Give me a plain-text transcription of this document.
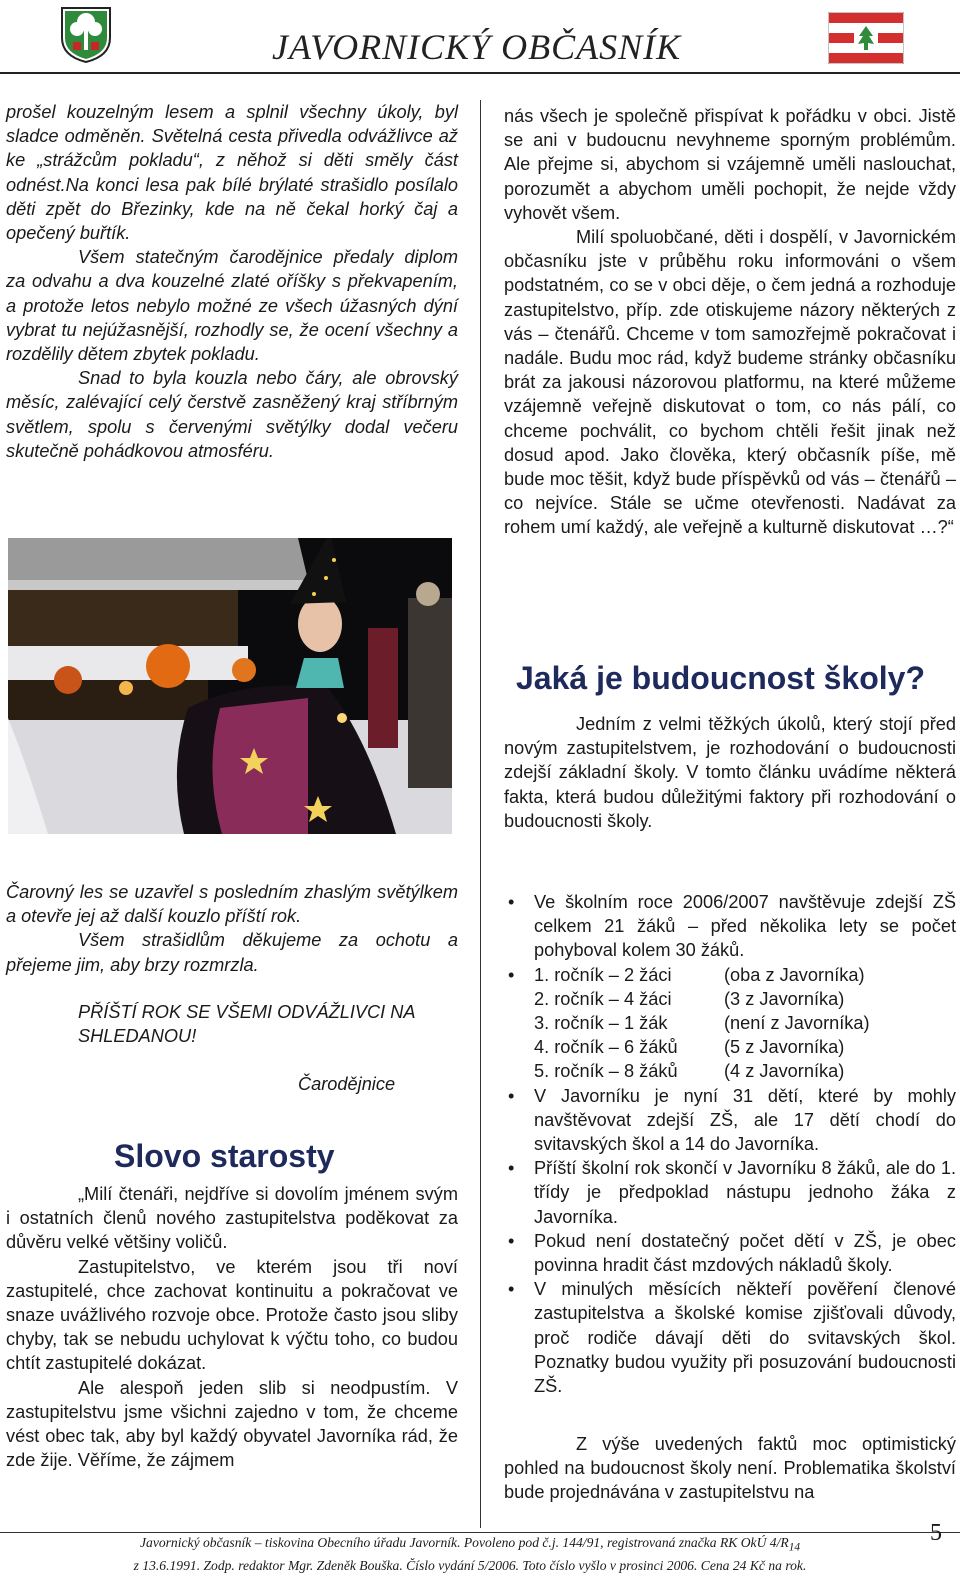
JAVORNICKÝ OBČASNÍK

prošel kouzelným lesem a splnil všechny úkoly, byl sladce odměněn. Světelná cesta přivedla odvážlivce až ke „strážcům pokladu“, z něhož si děti směly část odnést.Na konci lesa pak bílé brýlaté strašidlo posílalo děti zpět do Březinky, kde na ně čekal horký čaj a opečený buřtík.

Všem statečným čarodějnice předaly diplom za odvahu a dva kouzelné zlaté oříšky s překvapením, a protože letos nebylo možné ze všech úžasných dýní vybrat tu nejúžasnější, rozhodly se, že ocení všechny a rozdělily dětem zbytek pokladu.

Snad to byla kouzla nebo čáry, ale obrovský měsíc, zalévající celý čerstvě zasněžený kraj stříbrným světlem, spolu s červenými světýlky dodal večeru skutečně pohádkovou atmosféru.

Čarovný les se uzavřel s posledním zhaslým světýlkem a otevře jej až další kouzlo příští rok.

Všem strašidlům děkujeme za ochotu a přejeme jim, aby brzy rozmrzla.

PŘÍŠTÍ ROK SE VŠEMI ODVÁŽLIVCI NA SHLEDANOU!
Čarodějnice
Slovo starosty

„Milí čtenáři, nejdříve si dovolím jménem svým i ostatních členů nového zastupitelstva poděkovat za důvěru velké většiny voličů.

Zastupitelstvo, ve kterém jsou tři noví zastupitelé, chce zachovat kontinuitu a pokračovat ve snaze uvážlivého rozvoje obce. Protože často jsou sliby chyby, tak se nebudu uchylovat k výčtu toho, co budou chtít zastupitelé dokázat.

Ale alespoň jeden slib si neodpustím. V zastupitelstvu jsme všichni zajedno v tom, že chceme vést obec tak, aby byl každý obyvatel Javorníka rád, že zde žije. Věříme, že zájmem

nás všech je společně přispívat k pořádku v obci. Jistě se ani v budoucnu nevyhneme sporným problémům. Ale přejme si, abychom si vzájemně uměli naslouchat, porozumět a abychom uměli pochopit, že nejde vždy vyhovět všem.

Milí spoluobčané, děti i dospělí, v Javornickém občasníku jste v průběhu roku informováni o všem podstatném, co se v obci děje, o čem jedná a rozhoduje zastupitelstvo, příp. zde otiskujeme názory některých z vás – čtenářů. Chceme v tom samozřejmě pokračovat i nadále. Budu moc rád, když budeme stránky občasníku brát za jakousi názorovou platformu, na které můžeme vzájemně veřejně diskutovat o tom, co nás pálí, co chceme pochválit, co bychom chtěli řešit jinak než dosud apod. Jako člověka, který občasník píše, mě bude moc těšit, když bude příspěvků od vás – čtenářů – co nejvíce. Stále se učme otevřenosti. Nadávat za rohem umí každý, ale veřejně a kulturně diskutovat …?“

Jaká je budoucnost školy?
Jedním z velmi těžkých úkolů, který stojí před novým zastupitelstvem, je rozhodování o budoucnosti zdejší základní školy. V tomto článku uvádíme některá fakta, která budou důležitými faktory při rozhodování o budoucnosti školy.
• Ve školním roce 2006/2007 navštěvuje zdejší ZŠ celkem 21 žáků – před několika lety se počet pohyboval kolem 30 žáků.
• 1. ročník – 2 žáci	(oba z Javorníka)
2. ročník – 4 žáci	(3 z Javorníka)
3. ročník – 1 žák	(není z Javorníka)
4. ročník – 6 žáků	(5 z Javorníka)
5. ročník – 8 žáků	(4 z Javorníka)
• V Javorníku je nyní 31 dětí, které by mohly navštěvovat zdejší ZŠ, ale 17 dětí chodí do svitavských škol a 14 do Javorníka.
• Příští školní rok skončí v Javorníku 8 žáků, ale do 1. třídy je předpoklad nástupu jednoho žáka z Javorníka.
• Pokud není dostatečný počet dětí v ZŠ, je obec povinna hradit část mzdových nákladů školy.
• V minulých měsících někteří pověření členové zastupitelstva a školské komise zjišťovali důvody, proč rodiče dávají děti do svitavských škol. Poznatky budou využity při posuzování budoucnosti ZŠ.
Z výše uvedených faktů moc optimistický pohled na budoucnost školy není. Problematika školství bude projednávána v zastupitelstvu na
5
Javornický občasník – tiskovina Obecního úřadu Javorník. Povoleno pod č.j. 144/91, registrovaná značka RK OkÚ $4/R_{14}$
z 13.6.1991. Zodp. redaktor Mgr. Zdeněk Bouška. Číslo vydání 5/2006. Toto číslo vyšlo v prosinci 2006. Cena 24 Kč na rok.
